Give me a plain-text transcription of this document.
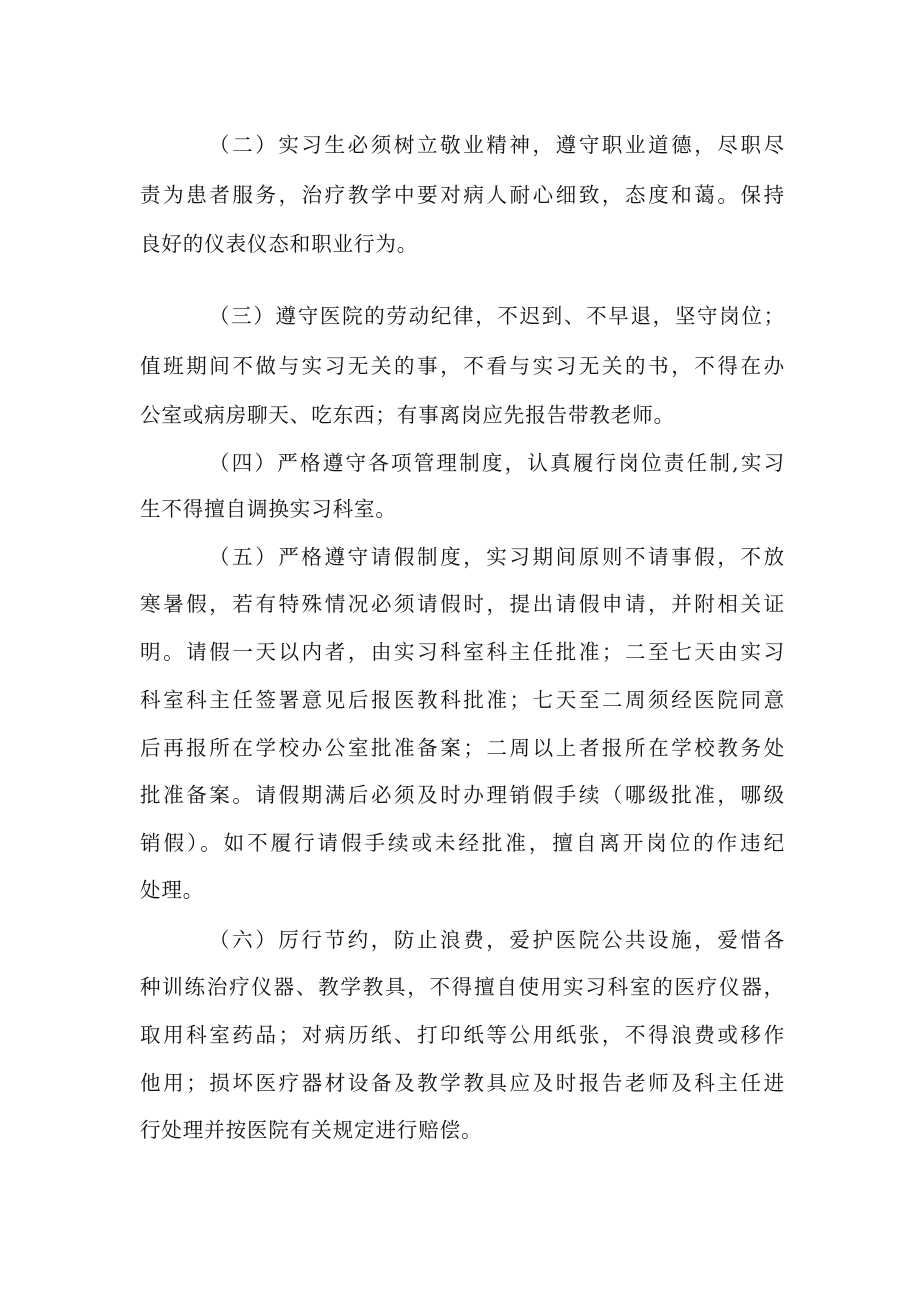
（二）实习生必须树立敬业精神，遵守职业道德，尽职尽
责为患者服务，治疗教学中要对病人耐心细致，态度和蔼。保持
良好的仪表仪态和职业行为。
（三）遵守医院的劳动纪律，不迟到、不早退，坚守岗位；
值班期间不做与实习无关的事，不看与实习无关的书，不得在办
公室或病房聊天、吃东西；有事离岗应先报告带教老师。
（四）严格遵守各项管理制度，认真履行岗位责任制,实习
生不得擅自调换实习科室。
（五）严格遵守请假制度，实习期间原则不请事假，不放
寒暑假，若有特殊情况必须请假时，提出请假申请，并附相关证
明。请假一天以内者，由实习科室科主任批准；二至七天由实习
科室科主任签署意见后报医教科批准；七天至二周须经医院同意
后再报所在学校办公室批准备案；二周以上者报所在学校教务处
批准备案。请假期满后必须及时办理销假手续（哪级批准，哪级
销假）。如不履行请假手续或未经批准，擅自离开岗位的作违纪
处理。
（六）厉行节约，防止浪费，爱护医院公共设施，爱惜各
种训练治疗仪器、教学教具，不得擅自使用实习科室的医疗仪器，
取用科室药品；对病历纸、打印纸等公用纸张，不得浪费或移作
他用；损坏医疗器材设备及教学教具应及时报告老师及科主任进
行处理并按医院有关规定进行赔偿。
